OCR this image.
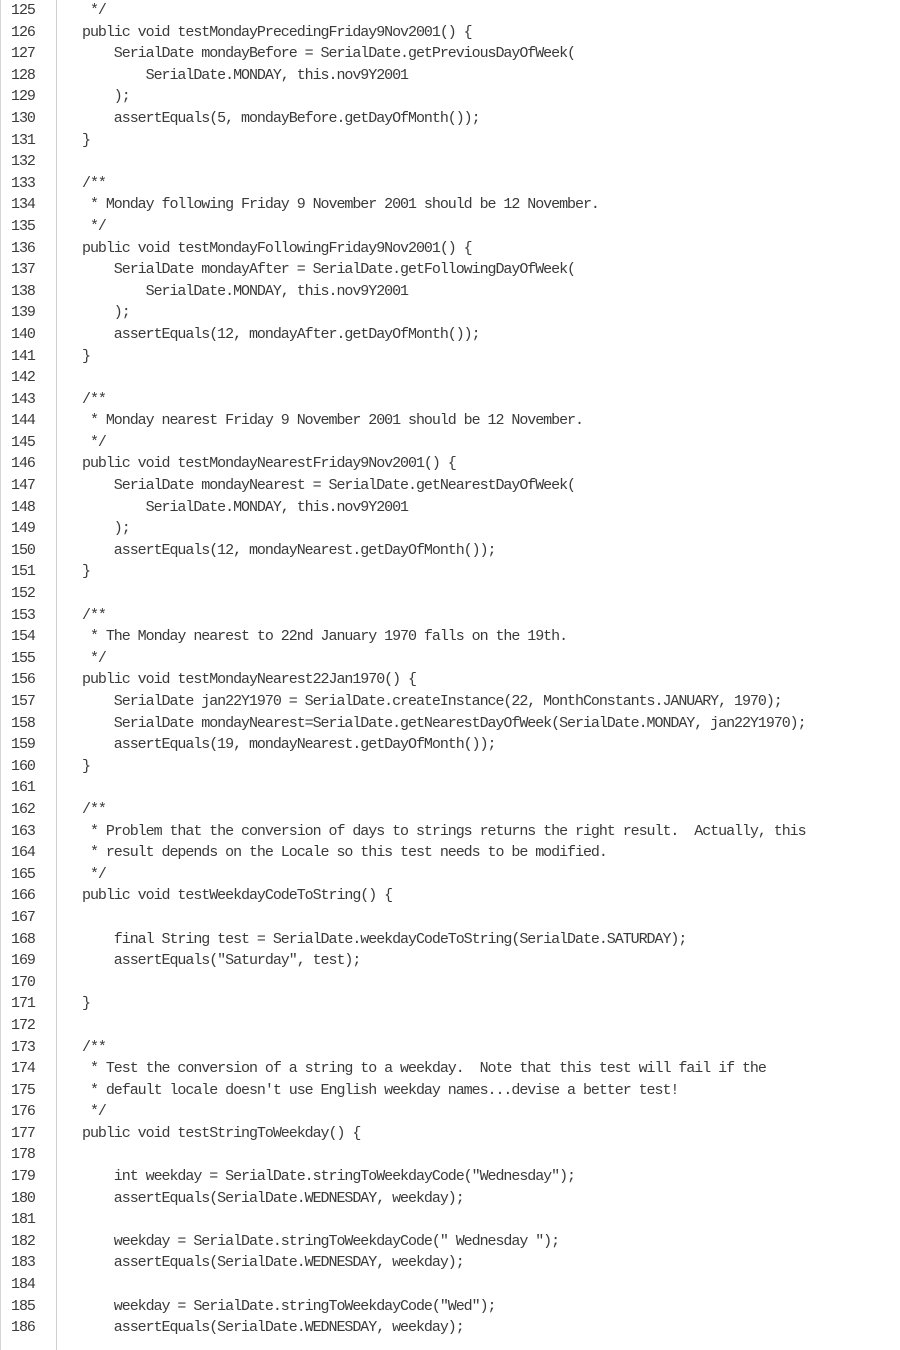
125

	*/

126

	public void testMondayPrecedingFriday9Nov2001() {

127

	SerialDate mondayBefore = SerialDate.getPreviousDayOfWeek(

128

	SerialDate.MONDAY, this.nov9Y2001

129

	);

130

	assertEquals(5, mondayBefore.getDayOfMonth());

131

	}

132

133

	/**

134

	* Monday following Friday 9 November 2001 should be 12 November.

135

	*/

136

	public void testMondayFollowingFriday9Nov2001() {

137

	SerialDate mondayAfter = SerialDate.getFollowingDayOfWeek(

138

	SerialDate.MONDAY, this.nov9Y2001

139

	);

140

	assertEquals(12, mondayAfter.getDayOfMonth());

141

	}

142

143

	/**

144

	* Monday nearest Friday 9 November 2001 should be 12 November.

145

	*/

146

	public void testMondayNearestFriday9Nov2001() {

147

	SerialDate mondayNearest = SerialDate.getNearestDayOfWeek(

148

	SerialDate.MONDAY, this.nov9Y2001

149

	);

150

	assertEquals(12, mondayNearest.getDayOfMonth());

151

	}

152

153

	/**

154

	* The Monday nearest to 22nd January 1970 falls on the 19th.

155

	*/

156

	public void testMondayNearest22Jan1970() {

157

	SerialDate jan22Y1970 = SerialDate.createInstance(22, MonthConstants.JANUARY, 1970);

158

	SerialDate mondayNearest=SerialDate.getNearestDayOfWeek(SerialDate.MONDAY, jan22Y1970);

159

	assertEquals(19, mondayNearest.getDayOfMonth());

160

	}

161

162

	/**

163

	* Problem that the conversion of days to strings returns the right result.  Actually, this

164

	* result depends on the Locale so this test needs to be modified.

165

	*/

166

	public void testWeekdayCodeToString() {

167

168

	final String test = SerialDate.weekdayCodeToString(SerialDate.SATURDAY);

169

	assertEquals("Saturday", test);

170

171

	}

172

173

	/**

174

	* Test the conversion of a string to a weekday.  Note that this test will fail if the

175

	* default locale doesn't use English weekday names...devise a better test!

176

	*/

177

	public void testStringToWeekday() {

178

179

	int weekday = SerialDate.stringToWeekdayCode("Wednesday");

180

	assertEquals(SerialDate.WEDNESDAY, weekday);

181

182

	weekday = SerialDate.stringToWeekdayCode(" Wednesday ");

183

	assertEquals(SerialDate.WEDNESDAY, weekday);

184

185

	weekday = SerialDate.stringToWeekdayCode("Wed");

186

	assertEquals(SerialDate.WEDNESDAY, weekday);
